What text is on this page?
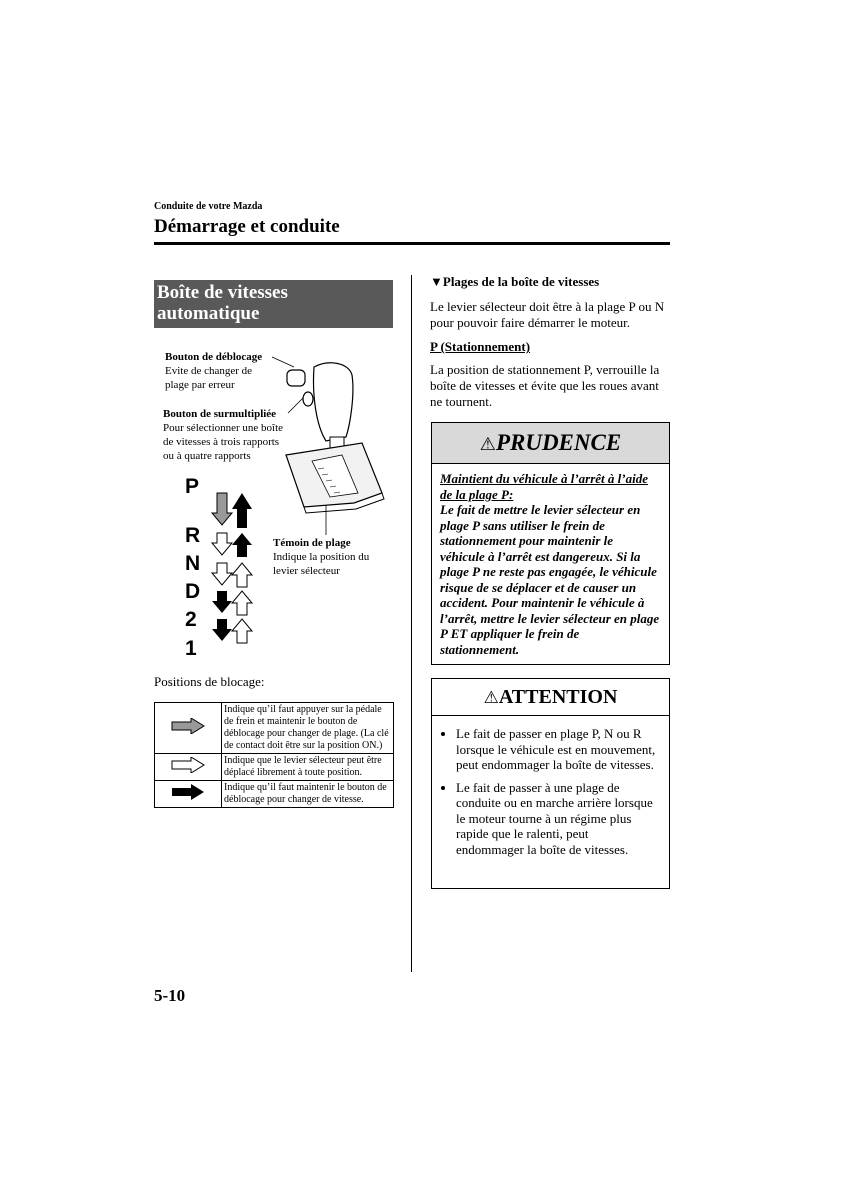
Conduite de votre Mazda
Démarrage et conduite
Boîte de vitesses
automatique
Bouton de déblocage
Evite de changer de
plage par erreur
Bouton de surmultipliée
Pour sélectionner une boîte
de vitesses à trois rapports
ou à quatre rapports
Témoin de plage
Indique la position du
levier sélecteur
P
R
N
D
2
1
Positions de blocage:
	Indique qu’il faut appuyer sur la pédale de frein et maintenir le bouton de déblocage pour changer de plage. (La clé de contact doit être sur la position ON.)
	Indique que le levier sélecteur peut être déplacé librement à toute position.
	Indique qu’il faut maintenir le bouton de déblocage pour changer de vitesse.
▼Plages de la boîte de vitesses
Le levier sélecteur doit être à la plage P ou N pour pouvoir faire démarrer le moteur.
P (Stationnement)
La position de stationnement P, verrouille la boîte de vitesses et évite que les roues avant ne tournent.
⚠PRUDENCE
Maintient du véhicule à l’arrêt à l’aide de la plage P:
Le fait de mettre le levier sélecteur en plage P sans utiliser le frein de stationnement pour maintenir le véhicule à l’arrêt est dangereux. Si la plage P ne reste pas engagée, le véhicule risque de se déplacer et de causer un accident. Pour maintenir le véhicule à l’arrêt, mettre le levier sélecteur en plage P ET appliquer le frein de stationnement.
⚠ATTENTION
• Le fait de passer en plage P, N ou R lorsque le véhicule est en mouvement, peut endommager la boîte de vitesses.
• Le fait de passer à une plage de conduite ou en marche arrière lorsque le moteur tourne à un régime plus rapide que le ralenti, peut endommager la boîte de vitesses.
5-10
